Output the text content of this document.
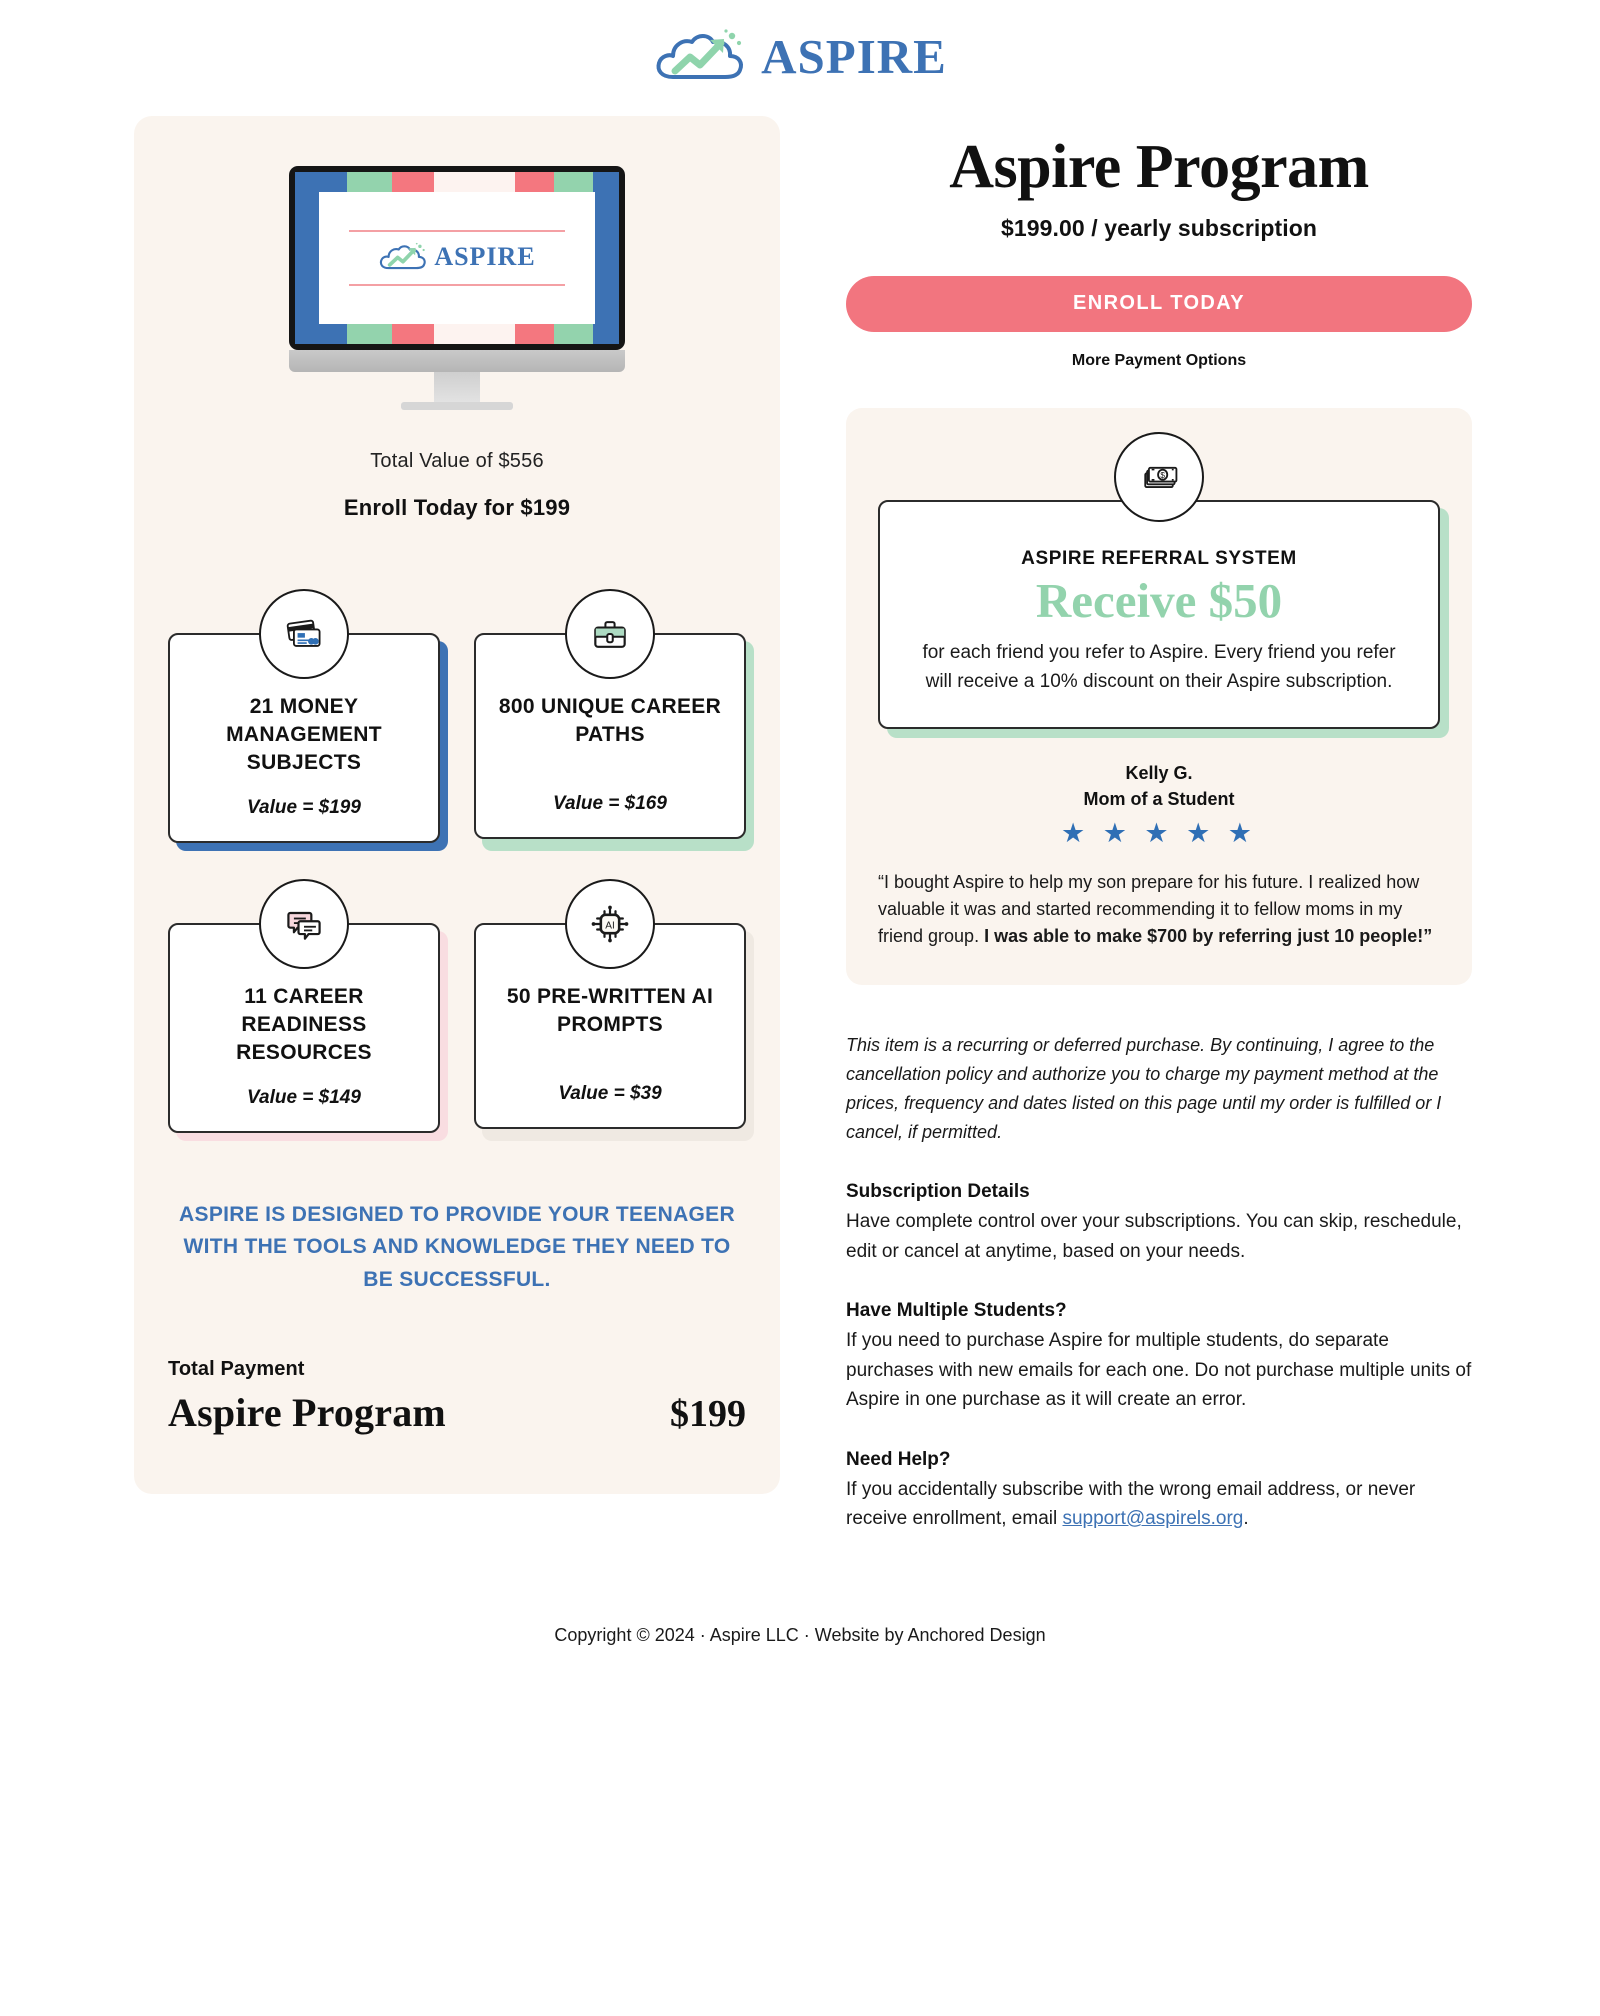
ASPIRE
ASPIRE
Total Value of $556
Enroll Today for $199
21 MONEY MANAGEMENT SUBJECTS
Value = $199
800 UNIQUE CAREER PATHS
Value = $169
11 CAREER READINESS RESOURCES
Value = $149
AI
50 PRE-WRITTEN AI PROMPTS
Value = $39
ASPIRE IS DESIGNED TO PROVIDE YOUR TEENAGER WITH THE TOOLS AND KNOWLEDGE THEY NEED TO BE SUCCESSFUL.
Total Payment
Aspire Program	$199
Aspire Program
$199.00 / yearly subscription
ENROLL TODAY
More Payment Options
$
ASPIRE REFERRAL SYSTEM
Receive $50
for each friend you refer to Aspire. Every friend you refer will receive a 10% discount on their Aspire subscription.
Kelly G.
Mom of a Student
★ ★ ★ ★ ★
“I bought Aspire to help my son prepare for his future. I realized how valuable it was and started recommending it to fellow moms in my friend group. I was able to make $700 by referring just 10 people!”
This item is a recurring or deferred purchase. By continuing, I agree to the cancellation policy and authorize you to charge my payment method at the prices, frequency and dates listed on this page until my order is fulfilled or I cancel, if permitted.
Subscription Details

Have complete control over your subscriptions. You can skip, reschedule, edit or cancel at anytime, based on your needs.

Have Multiple Students?

If you need to purchase Aspire for multiple students, do separate purchases with new emails for each one. Do not purchase multiple units of Aspire in one purchase as it will create an error.

Need Help?

If you accidentally subscribe with the wrong email address, or never receive enrollment, email support@aspirels.org.

Copyright © 2024 · Aspire LLC · Website by Anchored Design
